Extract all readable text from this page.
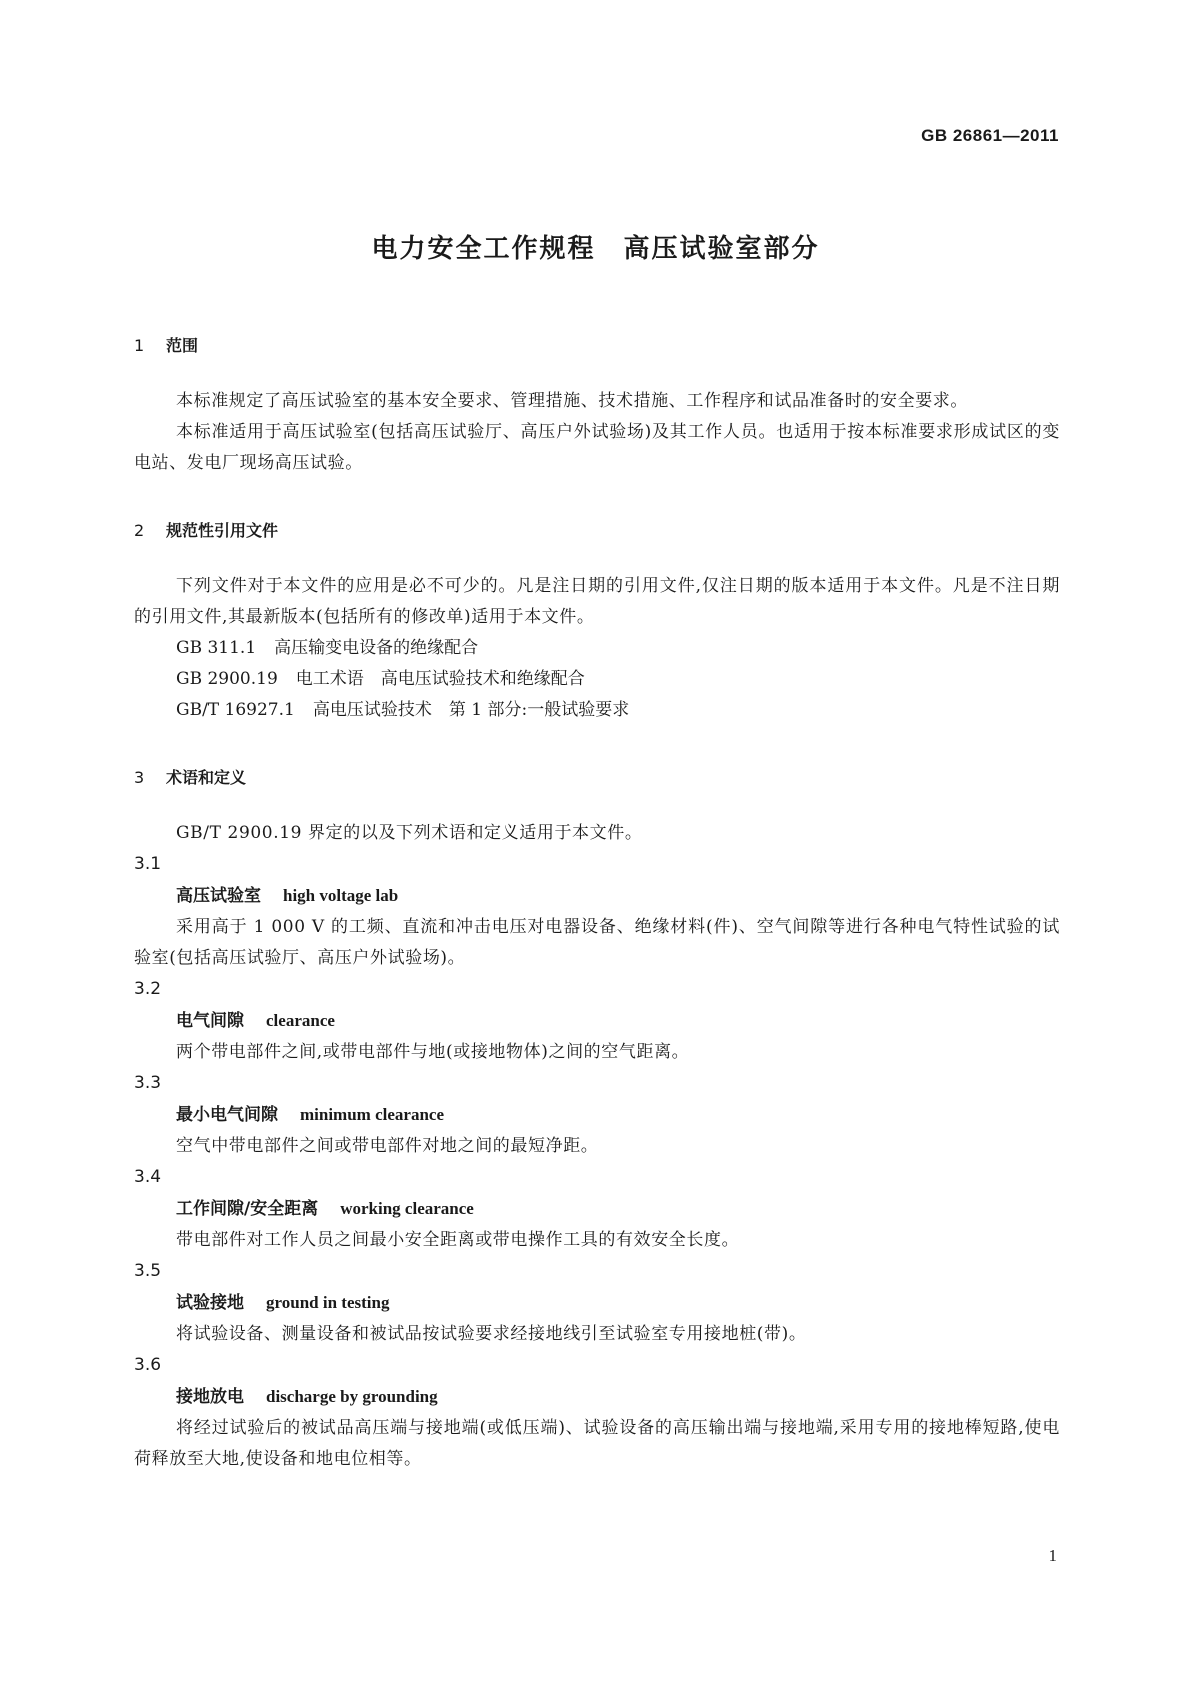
GB 26861—2011
电力安全工作规程　高压试验室部分
1 范围

本标准规定了高压试验室的基本安全要求、管理措施、技术措施、工作程序和试品准备时的安全要求。

本标准适用于高压试验室(包括高压试验厅、高压户外试验场)及其工作人员。也适用于按本标准要求形成试区的变电站、发电厂现场高压试验。

2 规范性引用文件

下列文件对于本文件的应用是必不可少的。凡是注日期的引用文件,仅注日期的版本适用于本文件。凡是不注日期的引用文件,其最新版本(包括所有的修改单)适用于本文件。

GB 311.1 高压输变电设备的绝缘配合

GB 2900.19 电工术语　高电压试验技术和绝缘配合

GB/T 16927.1 高电压试验技术　第 1 部分:一般试验要求

3 术语和定义

GB/T 2900.19 界定的以及下列术语和定义适用于本文件。

3.1

高压试验室 high voltage lab

采用高于 1 000 V 的工频、直流和冲击电压对电器设备、绝缘材料(件)、空气间隙等进行各种电气特性试验的试验室(包括高压试验厅、高压户外试验场)。

3.2

电气间隙 clearance

两个带电部件之间,或带电部件与地(或接地物体)之间的空气距离。

3.3

最小电气间隙 minimum clearance

空气中带电部件之间或带电部件对地之间的最短净距。

3.4

工作间隙/安全距离 working clearance

带电部件对工作人员之间最小安全距离或带电操作工具的有效安全长度。

3.5

试验接地 ground in testing

将试验设备、测量设备和被试品按试验要求经接地线引至试验室专用接地桩(带)。

3.6

接地放电 discharge by grounding

将经过试验后的被试品高压端与接地端(或低压端)、试验设备的高压输出端与接地端,采用专用的接地棒短路,使电荷释放至大地,使设备和地电位相等。

1
